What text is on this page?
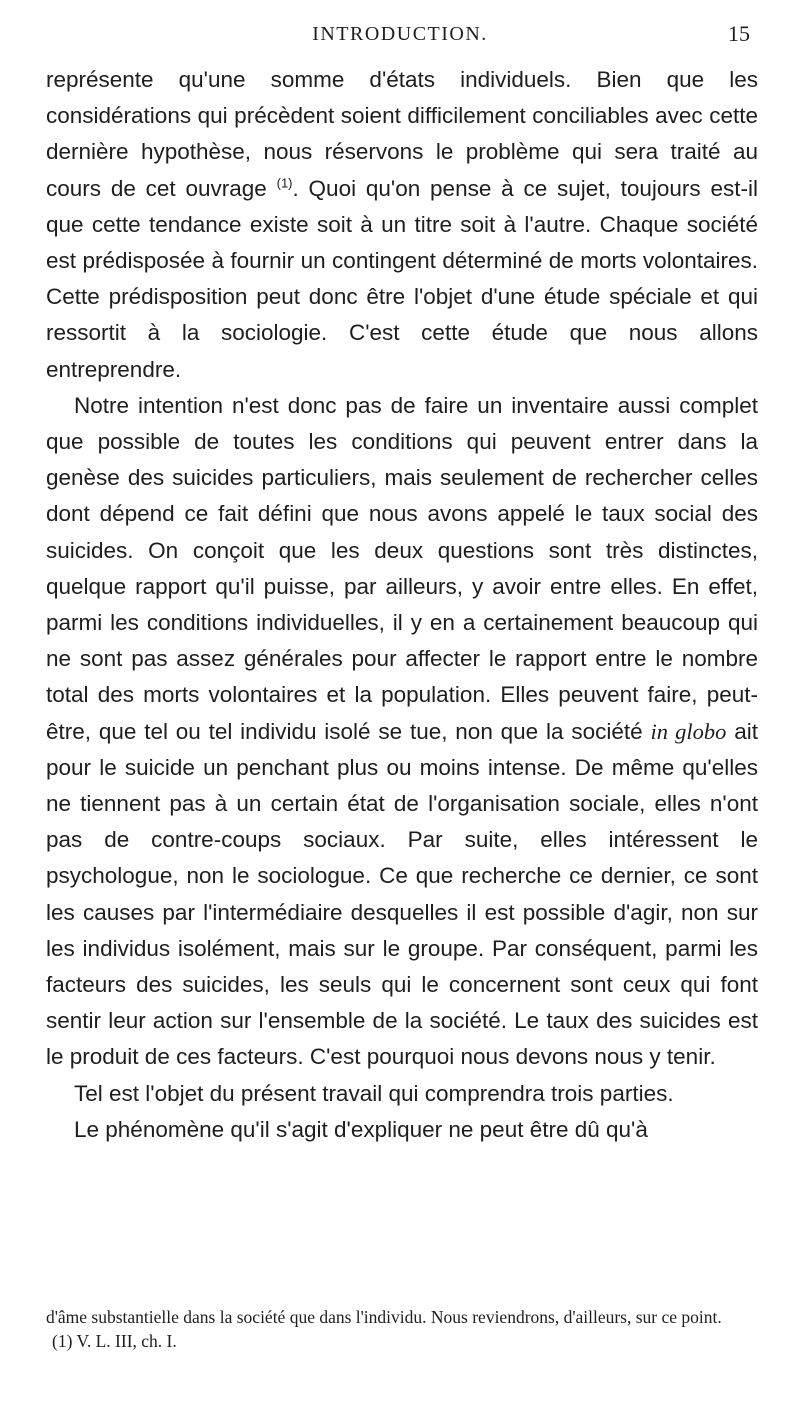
INTRODUCTION.	15

représente qu'une somme d'états individuels. Bien que les considérations qui précèdent soient difficilement conciliables avec cette dernière hypothèse, nous réservons le problème qui sera traité au cours de cet ouvrage $^{(1)}$. Quoi qu'on pense à ce sujet, toujours est-il que cette tendance existe soit à un titre soit à l'autre. Chaque société est prédisposée à fournir un contingent déterminé de morts volontaires. Cette prédisposition peut donc être l'objet d'une étude spéciale et qui ressortit à la sociologie. C'est cette étude que nous allons entreprendre.

Notre intention n'est donc pas de faire un inventaire aussi complet que possible de toutes les conditions qui peuvent entrer dans la genèse des suicides particuliers, mais seulement de rechercher celles dont dépend ce fait défini que nous avons appelé le taux social des suicides. On conçoit que les deux questions sont très distinctes, quelque rapport qu'il puisse, par ailleurs, y avoir entre elles. En effet, parmi les conditions individuelles, il y en a certainement beaucoup qui ne sont pas assez générales pour affecter le rapport entre le nombre total des morts volontaires et la population. Elles peuvent faire, peut-être, que tel ou tel individu isolé se tue, non que la société in globo ait pour le suicide un penchant plus ou moins intense. De même qu'elles ne tiennent pas à un certain état de l'organisation sociale, elles n'ont pas de contre-coups sociaux. Par suite, elles intéressent le psychologue, non le sociologue. Ce que recherche ce dernier, ce sont les causes par l'intermédiaire desquelles il est possible d'agir, non sur les individus isolément, mais sur le groupe. Par conséquent, parmi les facteurs des suicides, les seuls qui le concernent sont ceux qui font sentir leur action sur l'ensemble de la société. Le taux des suicides est le produit de ces facteurs. C'est pourquoi nous devons nous y tenir.

Tel est l'objet du présent travail qui comprendra trois parties.

Le phénomène qu'il s'agit d'expliquer ne peut être dû qu'à

d'âme substantielle dans la société que dans l'individu. Nous reviendrons, d'ailleurs, sur ce point.

(1) V. L. III, ch. I.
